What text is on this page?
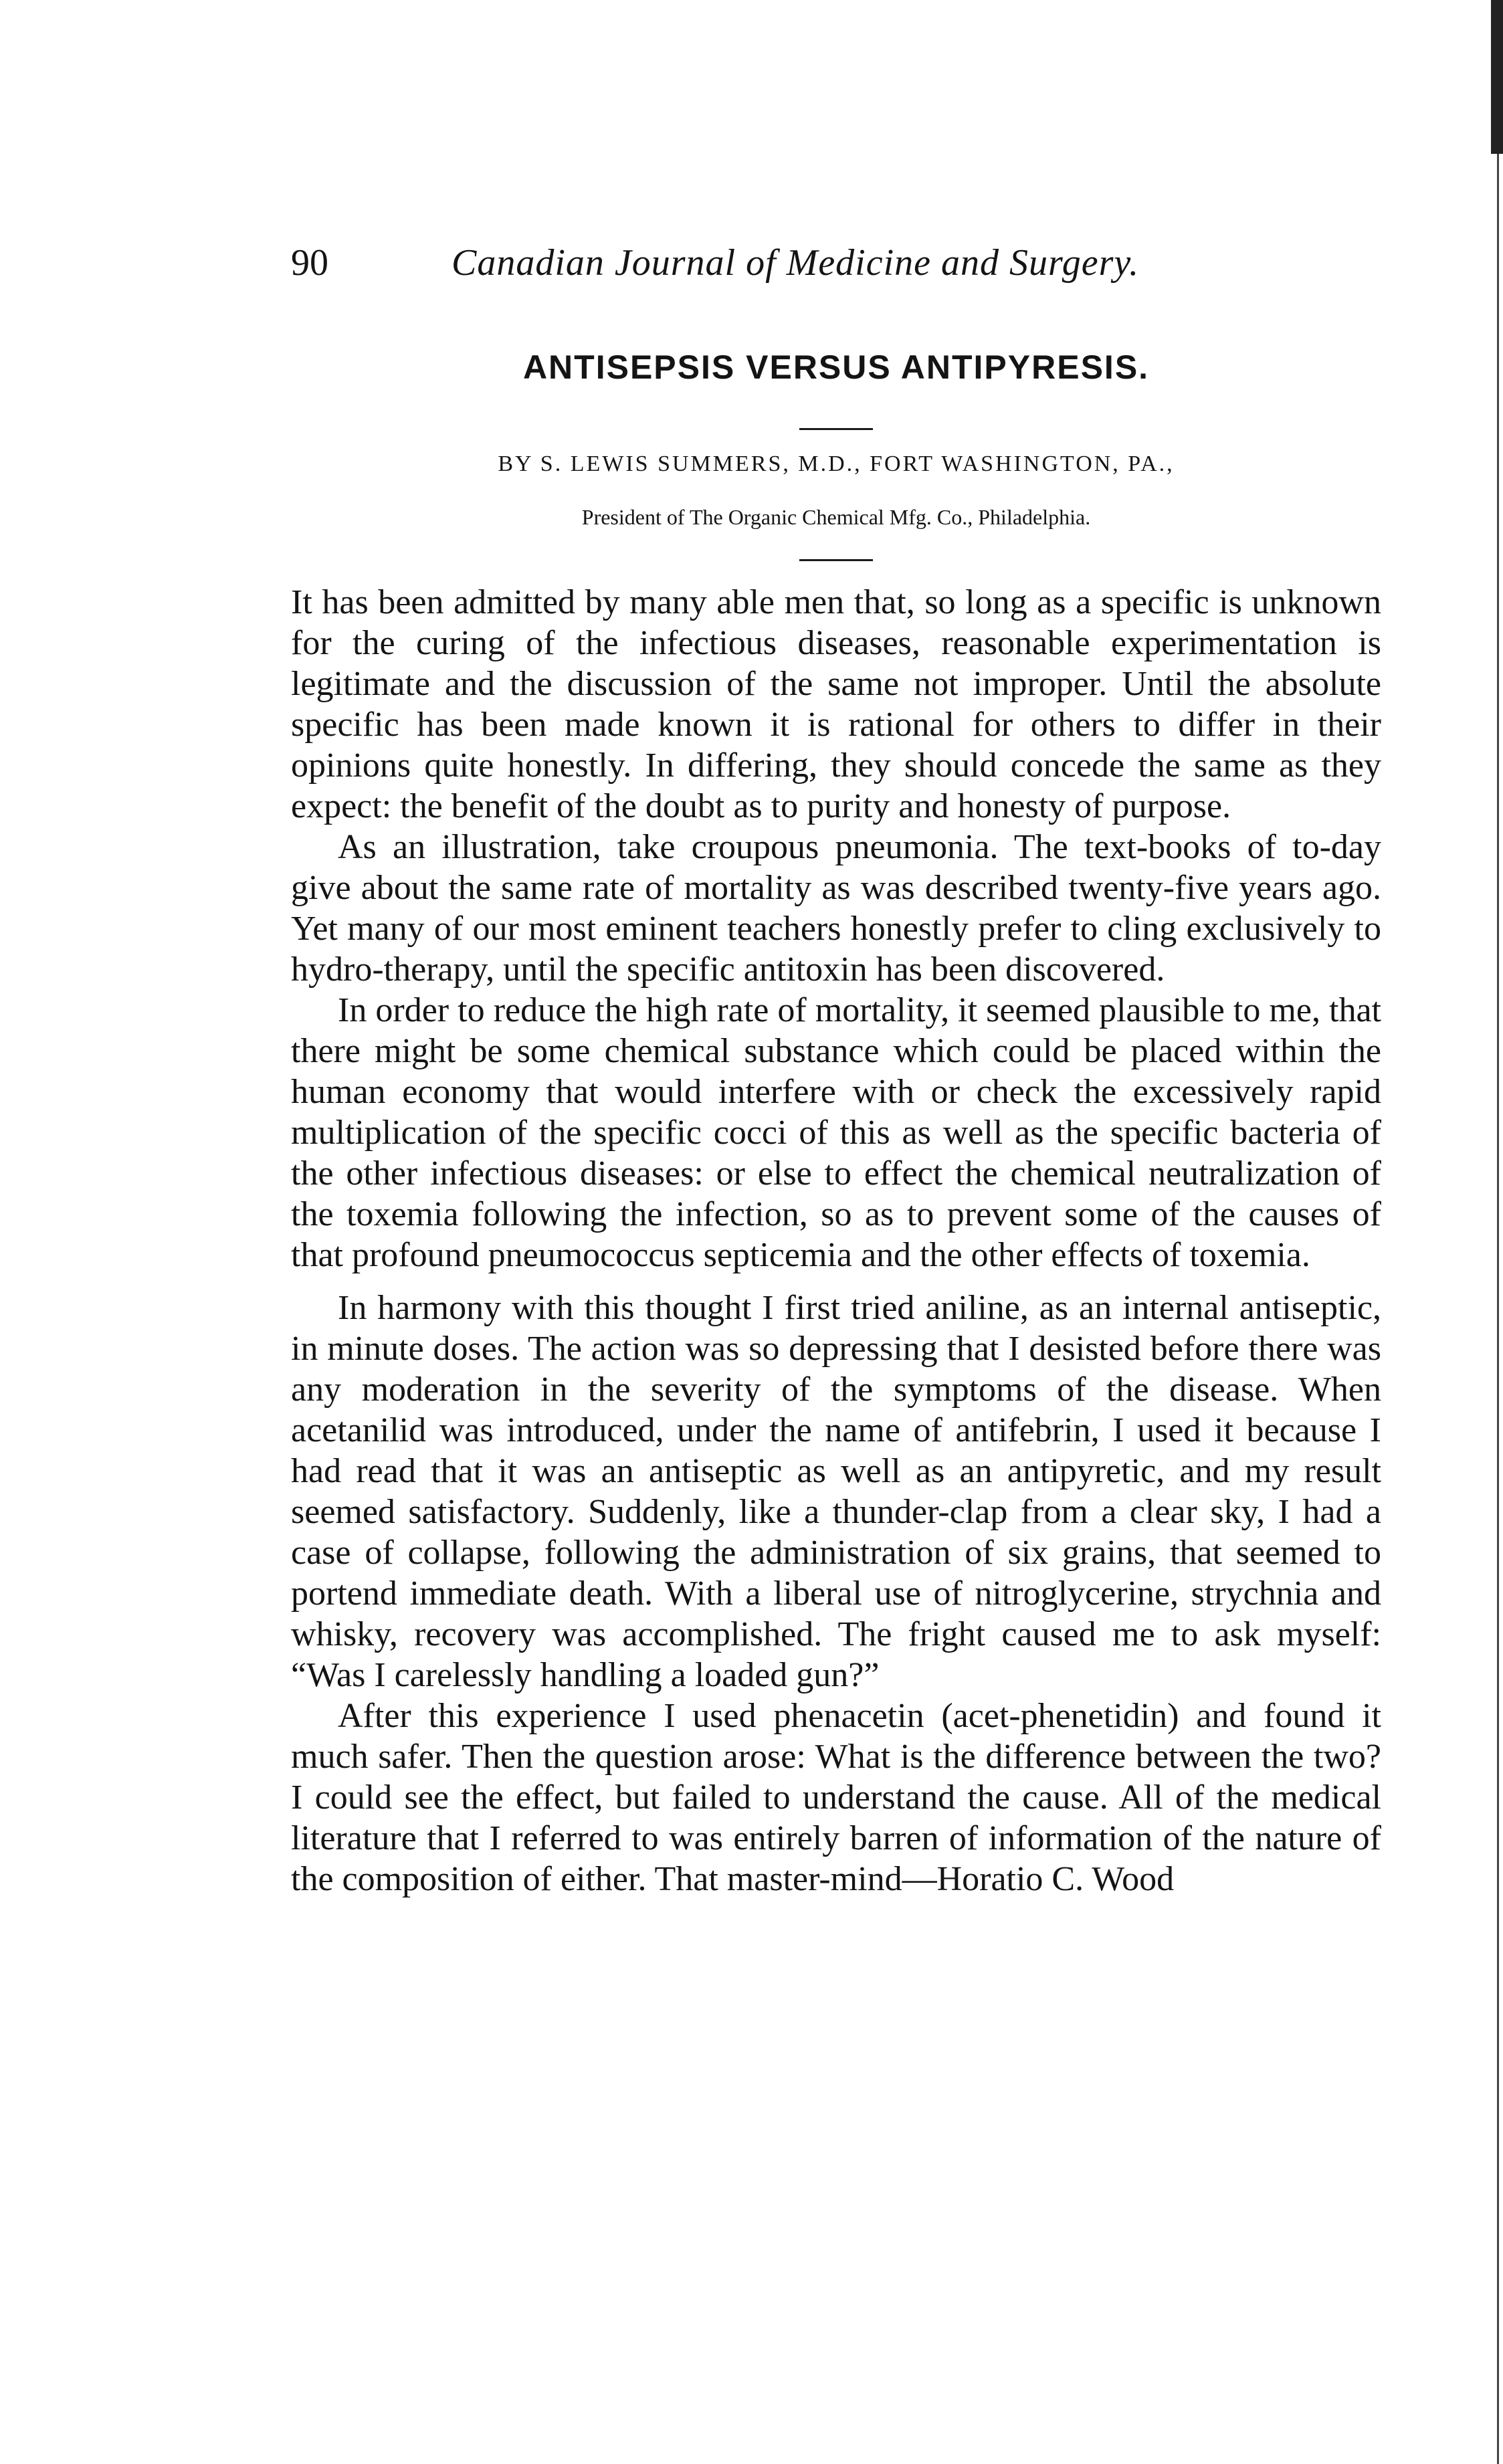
90	Canadian Journal of Medicine and Surgery.
ANTISEPSIS VERSUS ANTIPYRESIS.
BY S. LEWIS SUMMERS, M.D., FORT WASHINGTON, PA.,
President of The Organic Chemical Mfg. Co., Philadelphia.

It has been admitted by many able men that, so long as a specific is unknown for the curing of the infectious diseases, reasonable experimentation is legitimate and the discussion of the same not improper. Until the absolute specific has been made known it is rational for others to differ in their opinions quite honestly. In differing, they should concede the same as they expect: the benefit of the doubt as to purity and honesty of purpose.

As an illustration, take croupous pneumonia. The text-books of to-day give about the same rate of mortality as was described twenty-five years ago. Yet many of our most eminent teachers honestly prefer to cling exclusively to hydro-therapy, until the specific antitoxin has been discovered.

In order to reduce the high rate of mortality, it seemed plausible to me, that there might be some chemical substance which could be placed within the human economy that would interfere with or check the excessively rapid multiplication of the specific cocci of this as well as the specific bacteria of the other infectious diseases: or else to effect the chemical neutralization of the toxemia following the infection, so as to prevent some of the causes of that profound pneumococcus septicemia and the other effects of toxemia.

In harmony with this thought I first tried aniline, as an internal antiseptic, in minute doses. The action was so depressing that I desisted before there was any moderation in the severity of the symptoms of the disease. When acetanilid was introduced, under the name of antifebrin, I used it because I had read that it was an antiseptic as well as an antipyretic, and my result seemed satisfactory. Suddenly, like a thunder-clap from a clear sky, I had a case of collapse, following the administration of six grains, that seemed to portend immediate death. With a liberal use of nitroglycerine, strychnia and whisky, recovery was accomplished. The fright caused me to ask myself: “Was I carelessly handling a loaded gun?”

After this experience I used phenacetin (acet-phenetidin) and found it much safer. Then the question arose: What is the difference between the two? I could see the effect, but failed to understand the cause. All of the medical literature that I referred to was entirely barren of information of the nature of the composition of either. That master-mind—Horatio C. Wood
